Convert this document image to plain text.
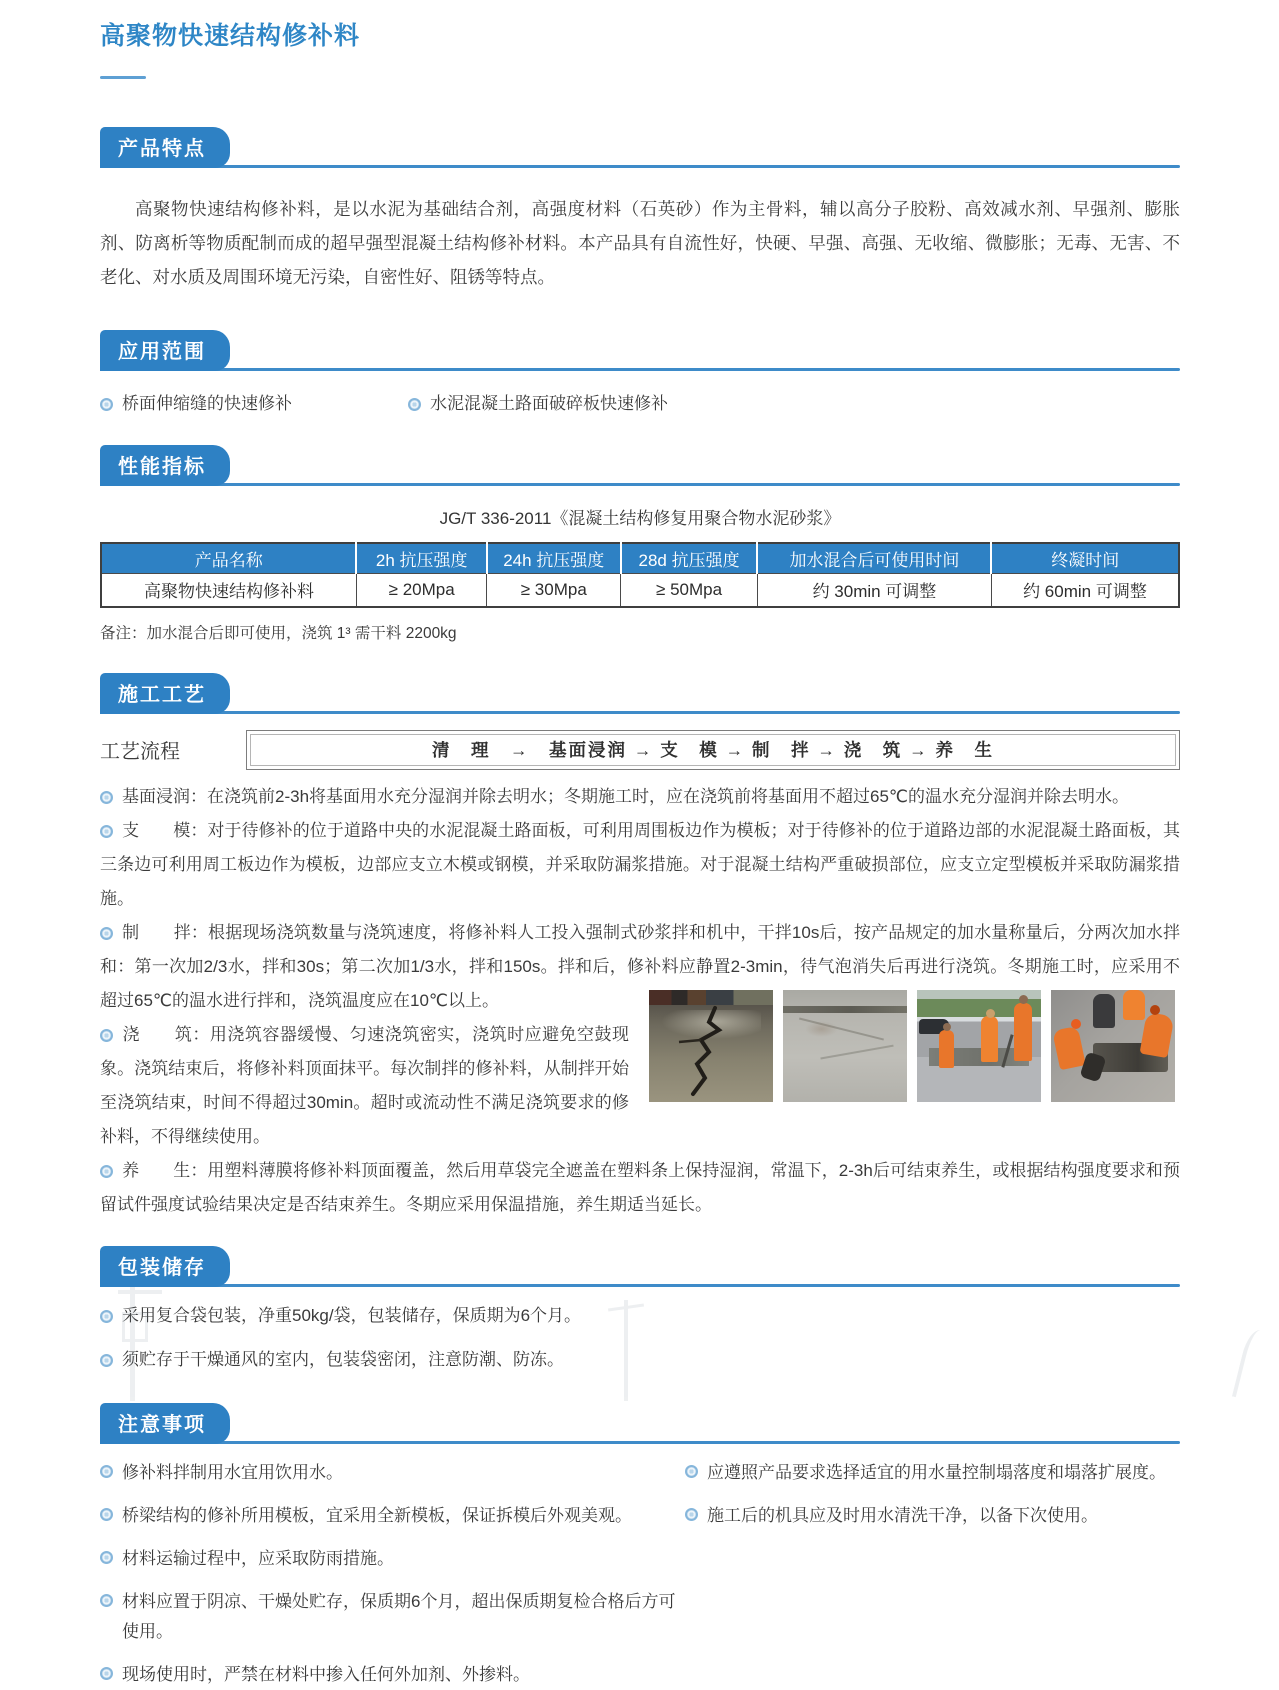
高聚物快速结构修补料
产品特点

高聚物快速结构修补料，是以水泥为基础结合剂，高强度材料（石英砂）作为主骨料，辅以高分子胶粉、高效减水剂、早强剂、膨胀剂、防离析等物质配制而成的超早强型混凝土结构修补材料。本产品具有自流性好，快硬、早强、高强、无收缩、微膨胀；无毒、无害、不老化、对水质及周围环境无污染，自密性好、阻锈等特点。

应用范围
桥面伸缩缝的快速修补	水泥混凝土路面破碎板快速修补
性能指标
JG/T 336-2011《混凝土结构修复用聚合物水泥砂浆》
产品名称	2h 抗压强度	24h 抗压强度	28d 抗压强度	加水混合后可使用时间	终凝时间
高聚物快速结构修补料	≥ 20Mpa	≥ 30Mpa	≥ 50Mpa	约 30min 可调整	约 60min 可调整
备注：加水混合后即可使用，浇筑 1³ 需干料 2200kg
施工工艺
工艺流程	清　理　→　基面浸润 → 支　模 → 制　拌 → 浇　筑 → 养　生

基面浸润：在浇筑前2-3h将基面用水充分湿润并除去明水；冬期施工时，应在浇筑前将基面用不超过65℃的温水充分湿润并除去明水。

支　　模：对于待修补的位于道路中央的水泥混凝土路面板，可利用周围板边作为模板；对于待修补的位于道路边部的水泥混凝土路面板，其三条边可利用周工板边作为模板，边部应支立木模或钢模，并采取防漏浆措施。对于混凝土结构严重破损部位，应支立定型模板并采取防漏浆措施。

制　　拌：根据现场浇筑数量与浇筑速度，将修补料人工投入强制式砂浆拌和机中，干拌10s后，按产品规定的加水量称量后，分两次加水拌和：第一次加2/3水，拌和30s；第二次加1/3水，拌和150s。拌和后，修补料应静置2-3min，待气泡消失后再进行浇筑。冬期施工时，应采用不超过65℃的温水进行拌和，浇筑温度应在10℃以上。

浇　　筑：用浇筑容器缓慢、匀速浇筑密实，浇筑时应避免空鼓现象。浇筑结束后，将修补料顶面抹平。每次制拌的修补料，从制拌开始至浇筑结束，时间不得超过30min。超时或流动性不满足浇筑要求的修补料，不得继续使用。

养　　生：用塑料薄膜将修补料顶面覆盖，然后用草袋完全遮盖在塑料条上保持湿润，常温下，2-3h后可结束养生，或根据结构强度要求和预留试件强度试验结果决定是否结束养生。冬期应采用保温措施，养生期适当延长。

包装储存

采用复合袋包装，净重50kg/袋，包装储存，保质期为6个月。

须贮存于干燥通风的室内，包装袋密闭，注意防潮、防冻。

注意事项

修补料拌制用水宜用饮用水。

桥梁结构的修补所用模板，宜采用全新模板，保证拆模后外观美观。

材料运输过程中，应采取防雨措施。

材料应置于阴凉、干燥处贮存，保质期6个月，超出保质期复检合格后方可使用。

现场使用时，严禁在材料中掺入任何外加剂、外掺料。

应遵照产品要求选择适宜的用水量控制塌落度和塌落扩展度。

施工后的机具应及时用水清洗干净，以备下次使用。
